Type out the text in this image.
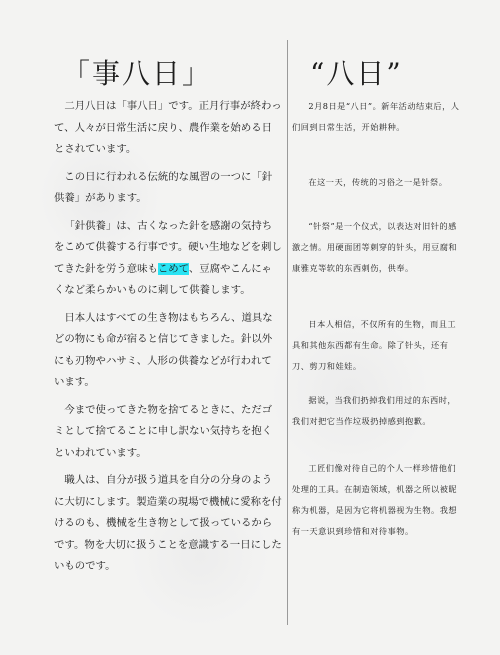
「事八日」	“八日”

二月八日は「事八日」です。正月行事が終わって、人々が日常生活に戻り、農作業を始める日とされています。

この日に行われる伝統的な風習の一つに「針供養」があります。

「針供養」は、古くなった針を感謝の気持ちをこめて供養する行事です。硬い生地などを刺してきた針を労う意味もこめて、豆腐やこんにゃくなど柔らかいものに刺して供養します。

日本人はすべての生き物はもちろん、道具などの物にも命が宿ると信じてきました。針以外にも刃物やハサミ、人形の供養などが行われています。

今まで使ってきた物を捨てるときに、ただゴミとして捨てることに申し訳ない気持ちを抱くといわれています。

職人は、自分が扱う道具を自分の分身のように大切にします。製造業の現場で機械に愛称を付けるのも、機械を生き物として扱っているからです。物を大切に扱うことを意識する一日にしたいものです。

2月8日是“八日”。新年活动结束后，人们回到日常生活，开始耕种。

在这一天，传统的习俗之一是针祭。

“针祭”是一个仪式，以表达对旧针的感激之情。用硬面团等刺穿的针头，用豆腐和康雅克等软的东西刺伤，供奉。

日本人相信，不仅所有的生物，而且工具和其他东西都有生命。除了针头，还有刀、剪刀和娃娃。

据说，当我们扔掉我们用过的东西时，我们对把它当作垃圾扔掉感到抱歉。

工匠们像对待自己的个人一样珍惜他们处理的工具。在制造领域，机器之所以被昵称为机器，是因为它将机器视为生物。我想有一天意识到珍惜和对待事物。
